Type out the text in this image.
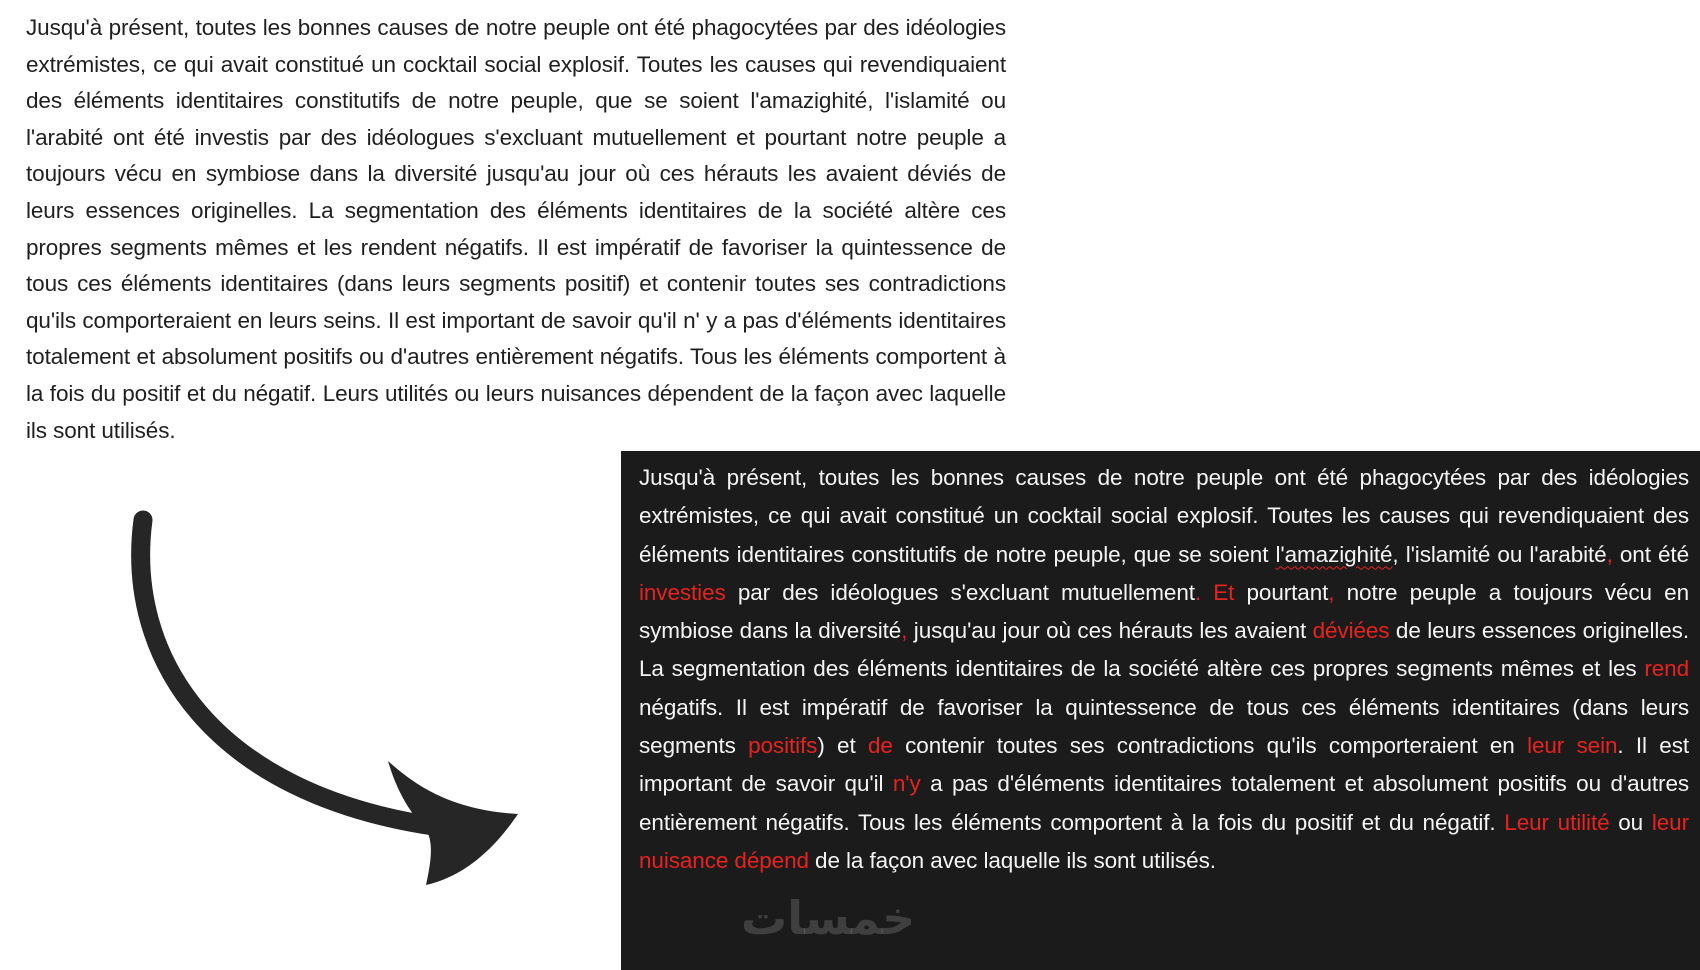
Jusqu'à présent, toutes les bonnes causes de notre peuple ont été phagocytées par des idéologies extrémistes, ce qui avait constitué un cocktail social explosif. Toutes les causes qui revendiquaient des éléments identitaires constitutifs de notre peuple, que se soient l'amazighité, l'islamité ou l'arabité ont été investis par des idéologues s'excluant mutuellement et pourtant notre peuple a toujours vécu en symbiose dans la diversité jusqu'au jour où ces hérauts les avaient déviés de leurs essences originelles. La segmentation des éléments identitaires de la société altère ces propres segments mêmes et les rendent négatifs. Il est impératif de favoriser la quintessence de tous ces éléments identitaires (dans leurs segments positif) et contenir toutes ses contradictions qu'ils comporteraient en leurs seins. Il est important de savoir qu'il n' y a pas d'éléments identitaires totalement et absolument positifs ou d'autres entièrement négatifs. Tous les éléments comportent à la fois du positif et du négatif. Leurs utilités ou leurs nuisances dépendent de la façon avec laquelle ils sont utilisés.

Jusqu'à présent, toutes les bonnes causes de notre peuple ont été phagocytées par des idéologies extrémistes, ce qui avait constitué un cocktail social explosif. Toutes les causes qui revendiquaient des éléments identitaires constitutifs de notre peuple, que se soient l'amazighité, l'islamité ou l'arabité, ont été investies par des idéologues s'excluant mutuellement. Et pourtant, notre peuple a toujours vécu en symbiose dans la diversité, jusqu'au jour où ces hérauts les avaient déviées de leurs essences originelles. La segmentation des éléments identitaires de la société altère ces propres segments mêmes et les rend négatifs. Il est impératif de favoriser la quintessence de tous ces éléments identitaires (dans leurs segments positifs) et de contenir toutes ses contradictions qu'ils comporteraient en leur sein. Il est important de savoir qu'il n'y a pas d'éléments identitaires totalement et absolument positifs ou d'autres entièrement négatifs. Tous les éléments comportent à la fois du positif et du négatif. Leur utilité ou leur nuisance dépend de la façon avec laquelle ils sont utilisés.

خمسات
